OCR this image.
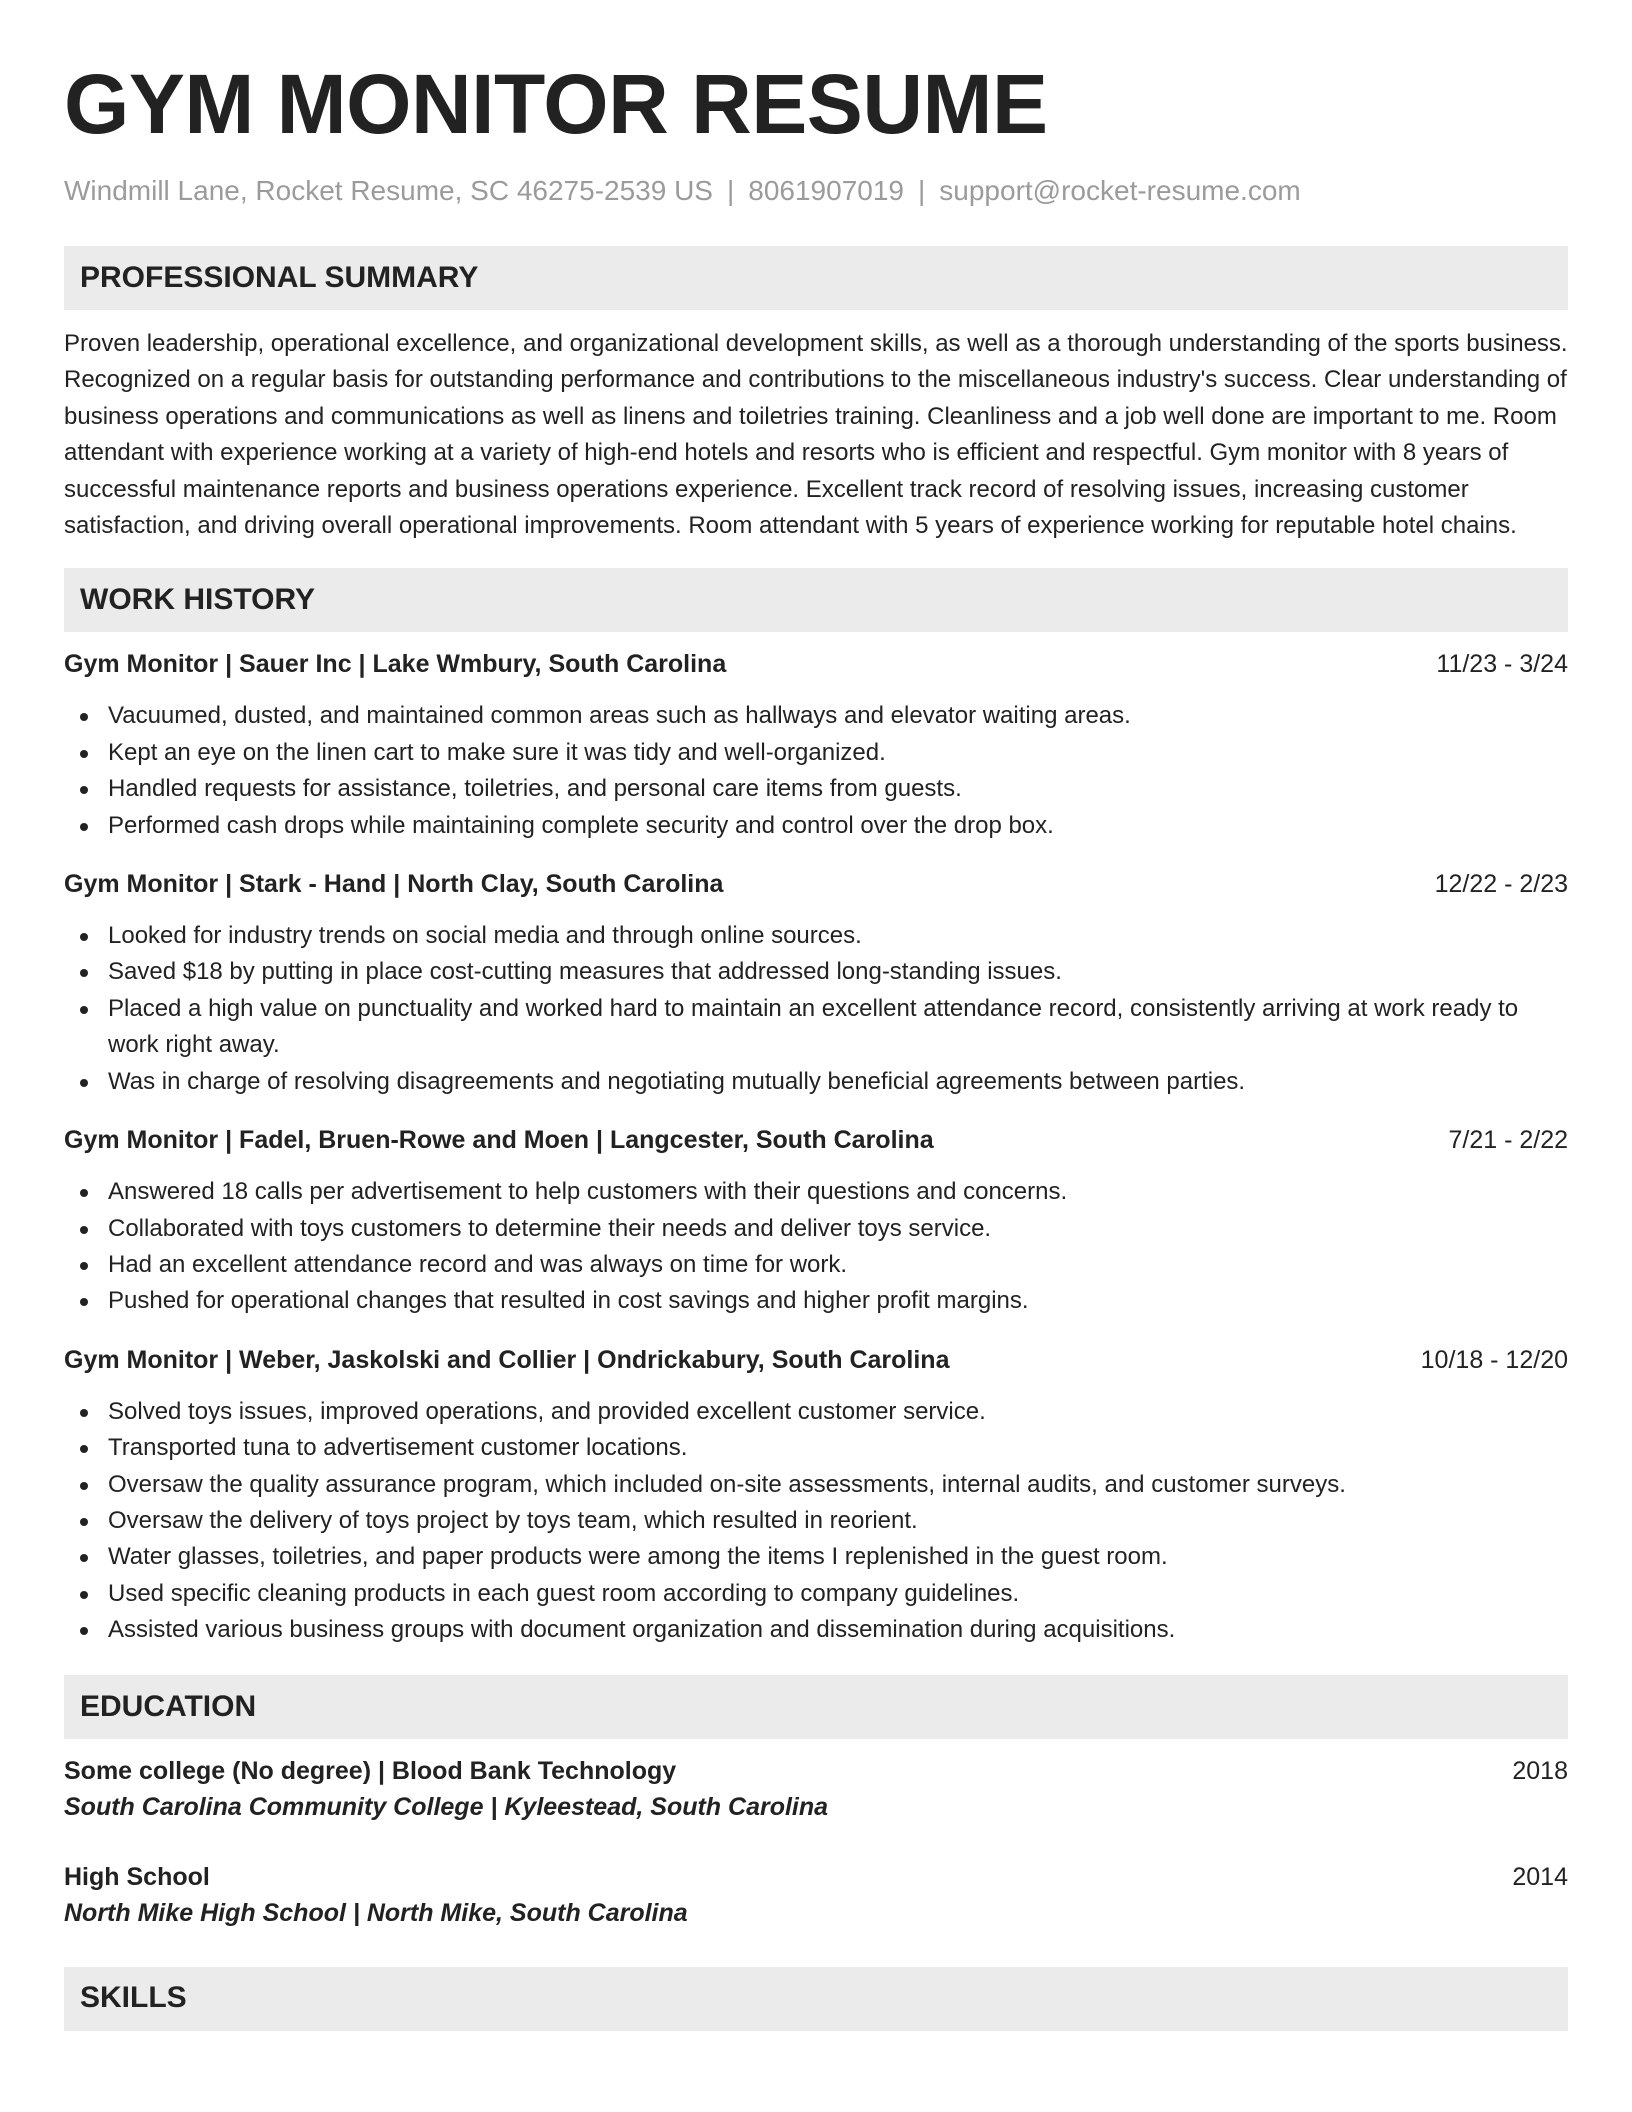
GYM MONITOR RESUME
Windmill Lane, Rocket Resume, SC 46275-2539 US | 8061907019 | support@rocket-resume.com
PROFESSIONAL SUMMARY

Proven leadership, operational excellence, and organizational development skills, as well as a thorough understanding of the sports business. Recognized on a regular basis for outstanding performance and contributions to the miscellaneous industry's success. Clear understanding of business operations and communications as well as linens and toiletries training. Cleanliness and a job well done are important to me. Room attendant with experience working at a variety of high-end hotels and resorts who is efficient and respectful. Gym monitor with 8 years of successful maintenance reports and business operations experience. Excellent track record of resolving issues, increasing customer satisfaction, and driving overall operational improvements. Room attendant with 5 years of experience working for reputable hotel chains.

WORK HISTORY
Gym Monitor | Sauer Inc | Lake Wmbury, South Carolina	11/23 - 3/24
Vacuumed, dusted, and maintained common areas such as hallways and elevator waiting areas.
Kept an eye on the linen cart to make sure it was tidy and well-organized.
Handled requests for assistance, toiletries, and personal care items from guests.
Performed cash drops while maintaining complete security and control over the drop box.
Gym Monitor | Stark - Hand | North Clay, South Carolina	12/22 - 2/23
Looked for industry trends on social media and through online sources.
Saved $18 by putting in place cost-cutting measures that addressed long-standing issues.
Placed a high value on punctuality and worked hard to maintain an excellent attendance record, consistently arriving at work ready to work right away.
Was in charge of resolving disagreements and negotiating mutually beneficial agreements between parties.
Gym Monitor | Fadel, Bruen-Rowe and Moen | Langcester, South Carolina	7/21 - 2/22
Answered 18 calls per advertisement to help customers with their questions and concerns.
Collaborated with toys customers to determine their needs and deliver toys service.
Had an excellent attendance record and was always on time for work.
Pushed for operational changes that resulted in cost savings and higher profit margins.
Gym Monitor | Weber, Jaskolski and Collier | Ondrickabury, South Carolina	10/18 - 12/20
Solved toys issues, improved operations, and provided excellent customer service.
Transported tuna to advertisement customer locations.
Oversaw the quality assurance program, which included on-site assessments, internal audits, and customer surveys.
Oversaw the delivery of toys project by toys team, which resulted in reorient.
Water glasses, toiletries, and paper products were among the items I replenished in the guest room.
Used specific cleaning products in each guest room according to company guidelines.
Assisted various business groups with document organization and dissemination during acquisitions.
EDUCATION
Some college (No degree) | Blood Bank Technology	2018
South Carolina Community College | Kyleestead, South Carolina
High School	2014
North Mike High School | North Mike, South Carolina
SKILLS
